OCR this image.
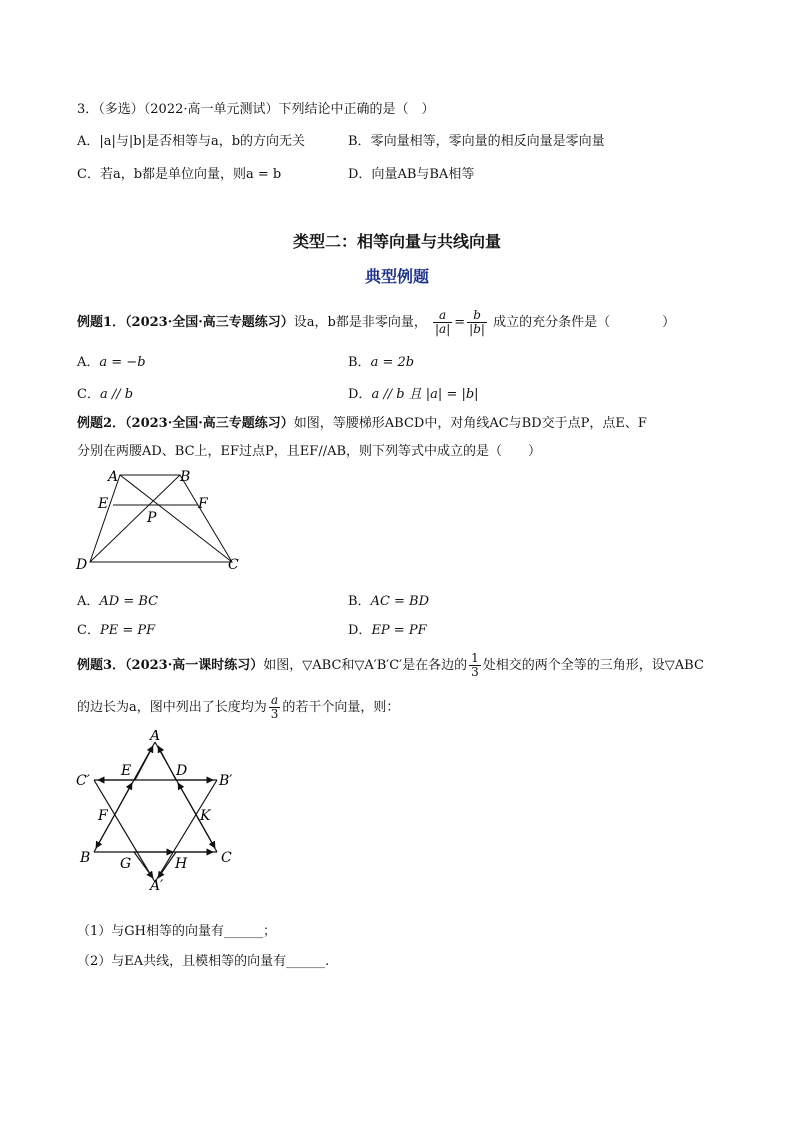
3．（多选）（2022·高一单元测试）下列结论中正确的是（　）
A．|a|与|b|是否相等与a，b的方向无关	B．零向量相等，零向量的相反向量是零向量
C．若a，b都是单位向量，则a = b	D．向量AB与BA相等
类型二：相等向量与共线向量
典型例题
例题1．（2023·全国·高三专题练习）设a，b都是非零向量， $\frac{a}{|a|} = \frac{b}{|b|}$ 成立的充分条件是（　　　　）
A．a = −b	B．a = 2b
C．a // b	D．a // b 且 |a| = |b|
例题2．（2023·全国·高三专题练习）如图，等腰梯形ABCD中，对角线AC与BD交于点P，点E、F
分别在两腰AD、BC上，EF过点P，且EF//AB，则下列等式中成立的是（　　）
A	B
E	F
P
D	C
A．AD = BC	B．AC = BD
C．PE = PF	D．EP = PF
例题3．（2023·高一课时练习）如图，▽ABC和▽A′B′C′是在各边的 $\frac{1}{3}$ 处相交的两个全等的三角形，设▽ABC
的边长为a，图中列出了长度均为 $\frac{a}{3}$ 的若干个向量，则：
A
C′
E	D
B′
F	K
B G	H C
A′
（1）与GH相等的向量有______；
（2）与EA共线，且模相等的向量有______.
